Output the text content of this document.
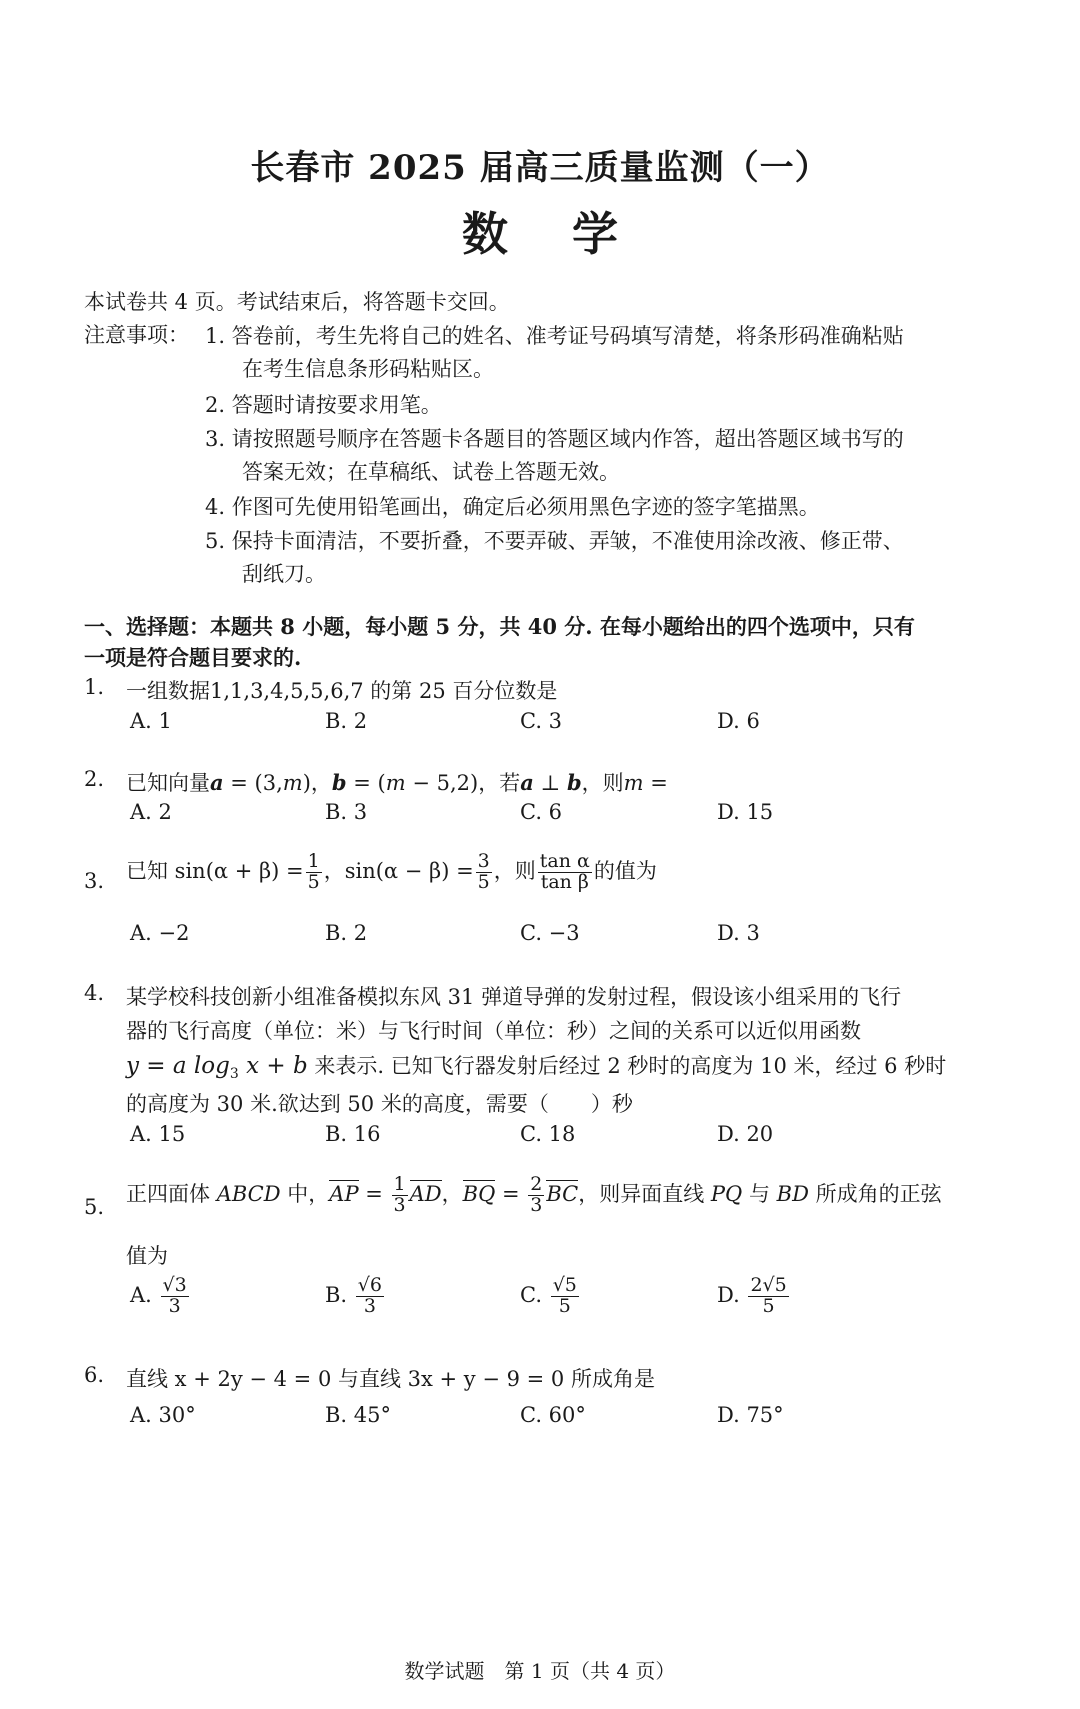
长春市 2025 届高三质量监测（一）
数学
本试卷共 4 页。考试结束后，将答题卡交回。
注意事项： 1. 答卷前，考生先将自己的姓名、准考证号码填写清楚，将条形码准确粘贴
在考生信息条形码粘贴区。
2. 答题时请按要求用笔。
3. 请按照题号顺序在答题卡各题目的答题区域内作答，超出答题区域书写的
答案无效；在草稿纸、试卷上答题无效。
4. 作图可先使用铅笔画出，确定后必须用黑色字迹的签字笔描黑。
5. 保持卡面清洁，不要折叠，不要弄破、弄皱，不准使用涂改液、修正带、
刮纸刀。
一、选择题：本题共 8 小题，每小题 5 分，共 40 分. 在每小题给出的四个选项中，只有
一项是符合题目要求的.
1. 一组数据1,1,3,4,5,5,6,7 的第 25 百分位数是
A. 1	B. 2	C. 3	D. 6
2. 已知向量a = (3,m)，b = (m − 5,2)，若a ⊥ b，则m =
A. 2	B. 3	C. 6	D. 15
3. 已知 $\sin(\alpha + \beta) = \frac{1}{5}$ ，$\sin(\alpha - \beta) = \frac{3}{5}$ ，则 $\frac{\text{tan α}}{\text{tan β}}$ 的值为
A. −2	B. 2	C. −3	D. 3
4. 某学校科技创新小组准备模拟东风 31 弹道导弹的发射过程，假设该小组采用的飞行
器的飞行高度（单位：米）与飞行时间（单位：秒）之间的关系可以近似用函数
y = a $\log_3 x + b$ 来表示. 已知飞行器发射后经过 2 秒时的高度为 10 米，经过 6 秒时
的高度为 30 米.欲达到 50 米的高度，需要（　　）秒
A. 15	B. 16	C. 18	D. 20
5.
正四面体 ABCD 中，AP = $\frac{1}{3}$ AD，BQ = $\frac{2}{3}$ BC，则异面直线 PQ 与 BD 所成角的正弦
值为
A. $\frac{√3}{3}$	B. $\frac{√6}{3}$	C. $\frac{√5}{5}$	D. $\frac{2√5}{5}$
6. 直线 x + 2y − 4 = 0 与直线 3x + y − 9 = 0 所成角是
A. 30°	B. 45°	C. 60°	D. 75°
数学试题　第 1 页（共 4 页）
